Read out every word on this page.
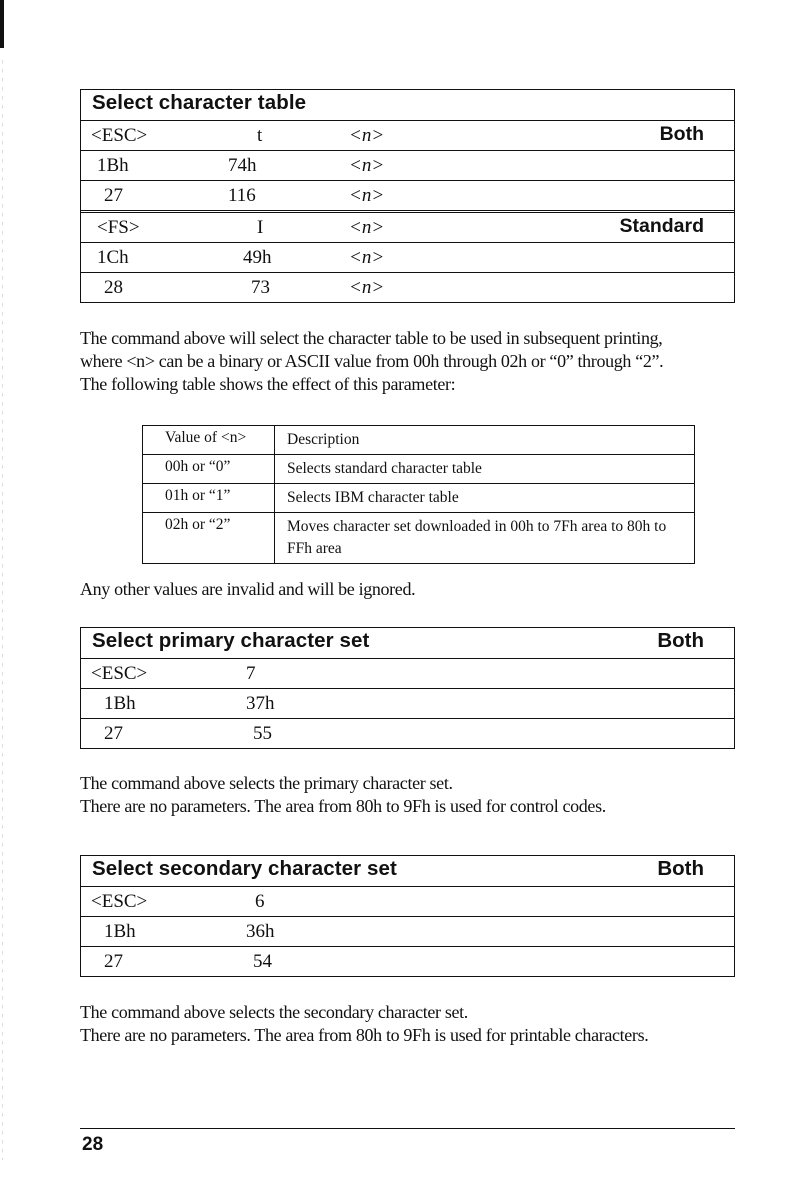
Select character table
<ESC>	t	<n>	Both
1Bh	74h	<n>
27	116	<n>
<FS>	I	<n>	Standard
1Ch	49h	<n>
28	73	<n>

The command above will select the character table to be used in subsequent printing,

where <n> can be a binary or ASCII value from 00h through 02h or “0” through “2”.

The following table shows the effect of this parameter:

Value of <n>	Description
00h or “0”	Selects standard character table
01h or “1”	Selects IBM character table
02h or “2”	Moves character set downloaded in 00h to 7Fh area to 80h to FFh area

Any other values are invalid and will be ignored.

Select primary character set	Both
<ESC>	7
1Bh	37h
27	55

The command above selects the primary character set.

There are no parameters. The area from 80h to 9Fh is used for control codes.

Select secondary character set	Both
<ESC>	6
1Bh	36h
27	54

The command above selects the secondary character set.

There are no parameters. The area from 80h to 9Fh is used for printable characters.

28
